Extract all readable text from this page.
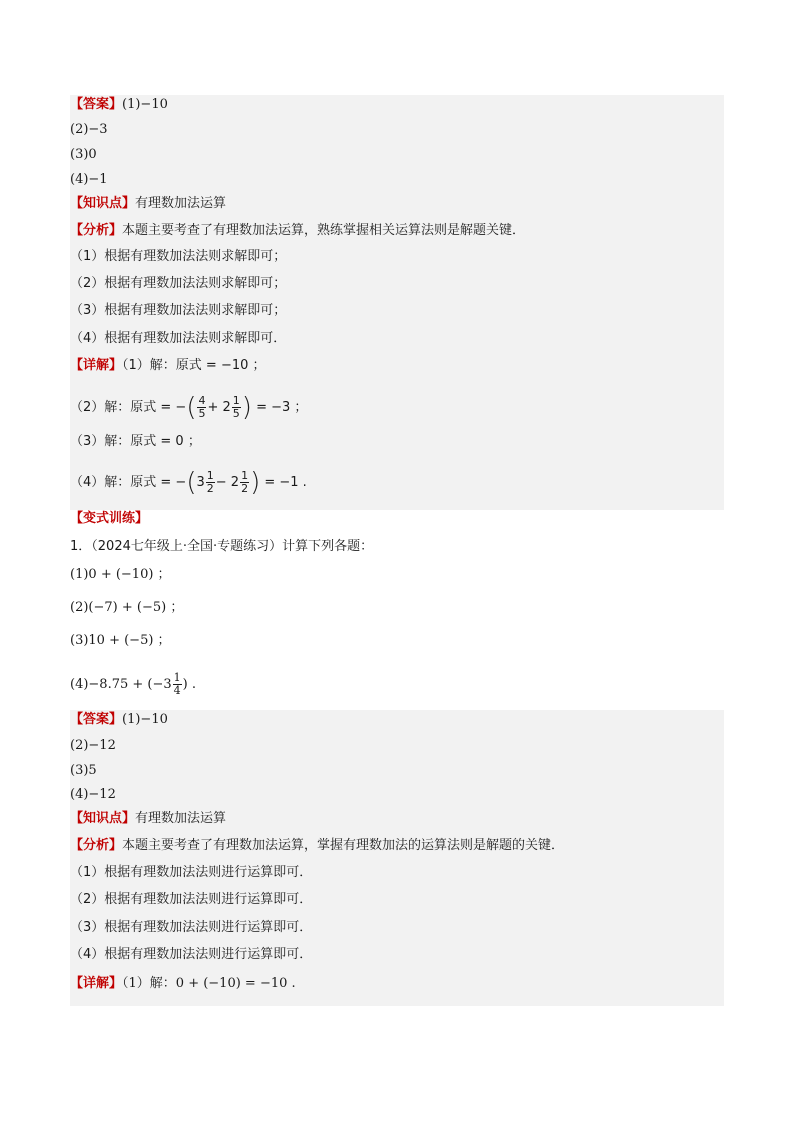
【答案】(1)−10
(2)−3
(3)0
(4)−1
【知识点】有理数加法运算
【分析】本题主要考查了有理数加法运算，熟练掌握相关运算法则是解题关键．
（1）根据有理数加法法则求解即可；
（2）根据有理数加法法则求解即可；
（3）根据有理数加法法则求解即可；
（4）根据有理数加法法则求解即可．
【详解】（1）解：原式 = −10 ；
（2）解：原式 = −( $\frac{4}{5} + 2 \frac{1}{5}$ ) = −3 ；
（3）解：原式 = 0 ；
（4）解：原式 = $-(3 \frac{1}{2} - 2 \frac{1}{2}$ ) = −1 .
【变式训练】
1．（2024七年级上·全国·专题练习）计算下列各题：
(1)0 + (−10) ；
(2)(−7) + (−5) ；
(3)10 + (−5) ；
$(4)-8.75 + (-3 \frac{1}{4}$ ) .
【答案】(1)−10
(2)−12
(3)5
(4)−12
【知识点】有理数加法运算
【分析】本题主要考查了有理数加法运算，掌握有理数加法的运算法则是解题的关键．
（1）根据有理数加法法则进行运算即可．
（2）根据有理数加法法则进行运算即可．
（3）根据有理数加法法则进行运算即可．
（4）根据有理数加法法则进行运算即可．
【详解】（1）解：0 + (−10) = −10 .
